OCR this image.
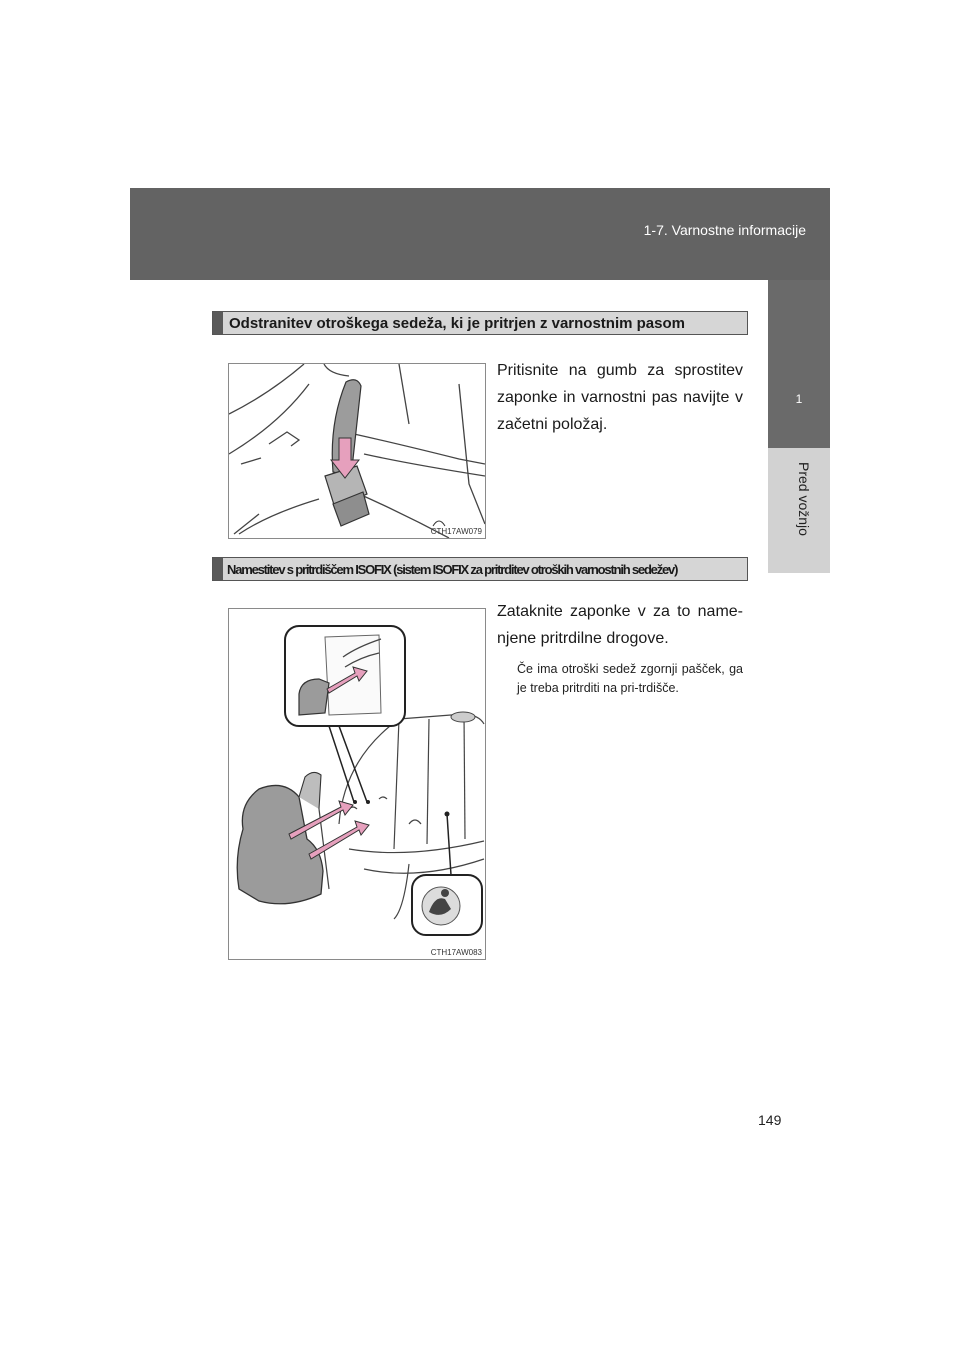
1-7. Varnostne informacije
1
Pred vožnjo
Odstranitev otroškega sedeža, ki je pritrjen z varnostnim pasom
CTH17AW079
Pritisnite na gumb za sprostitev zaponke in varnostni pas navijte v začetni položaj.
Namestitev s pritrdiščem ISOFIX (sistem ISOFIX za pritrditev otroških varnostnih sedežev)
CTH17AW083
Zataknite zaponke v za to name-njene pritrdilne drogove.
Če ima otroški sedež zgornji pašček, ga je treba pritrditi na pri-trdišče.
149
